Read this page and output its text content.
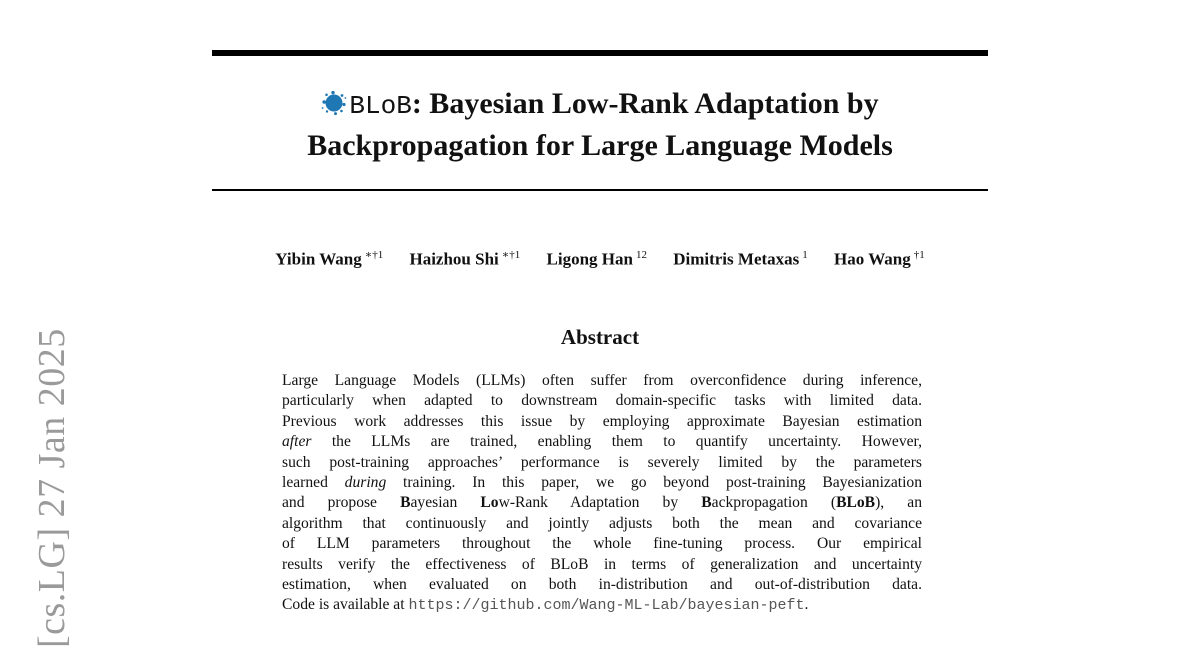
[cs.LG] 27 Jan 2025
BLoB: Bayesian Low-Rank Adaptation by
Backpropagation for Large Language Models
Yibin Wang $^{∗\dagger 1}$ Haizhou Shi $^{∗\dagger 1}$ Ligong Han $^{12}$ Dimitris Metaxas $^1$ Hao Wang $^{\dagger 1}$
Abstract
Large Language Models (LLMs) often suffer from overconfidence during inference,
particularly when adapted to downstream domain-specific tasks with limited data.
Previous work addresses this issue by employing approximate Bayesian estimation
after the LLMs are trained, enabling them to quantify uncertainty. However,
such post-training approaches’ performance is severely limited by the parameters
learned during training. In this paper, we go beyond post-training Bayesianization
and propose Bayesian Low-Rank Adaptation by Backpropagation (BLoB), an
algorithm that continuously and jointly adjusts both the mean and covariance
of LLM parameters throughout the whole fine-tuning process. Our empirical
results verify the effectiveness of BLoB in terms of generalization and uncertainty
estimation, when evaluated on both in-distribution and out-of-distribution data.
Code is available at https://github.com/Wang-ML-Lab/bayesian-peft.
